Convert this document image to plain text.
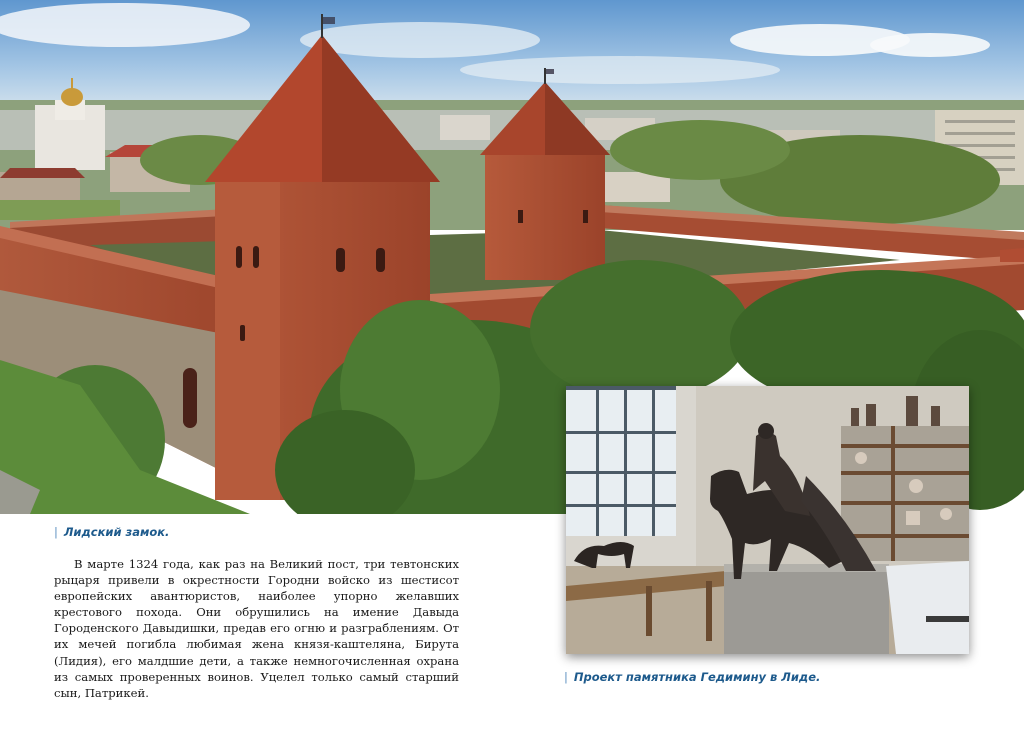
| Лидский замок.
| Проект памятника Гедимину в Лиде.

В марте 1324 года, как раз на Великий пост, три тевтонских рыцаря привели в окрестности Городни войско из шестисот европейских авантюристов, наиболее упорно желавших крестового похода. Они обрушились на имение Давыда Городенского Давыдишки, предав его огню и разграблениям. От их мечей погибла любимая жена князя-каштеляна, Бирута (Лидия), его малдшие дети, а также немногочисленная охрана из самых проверенных воинов. Уцелел только самый старший сын, Патрикей.
